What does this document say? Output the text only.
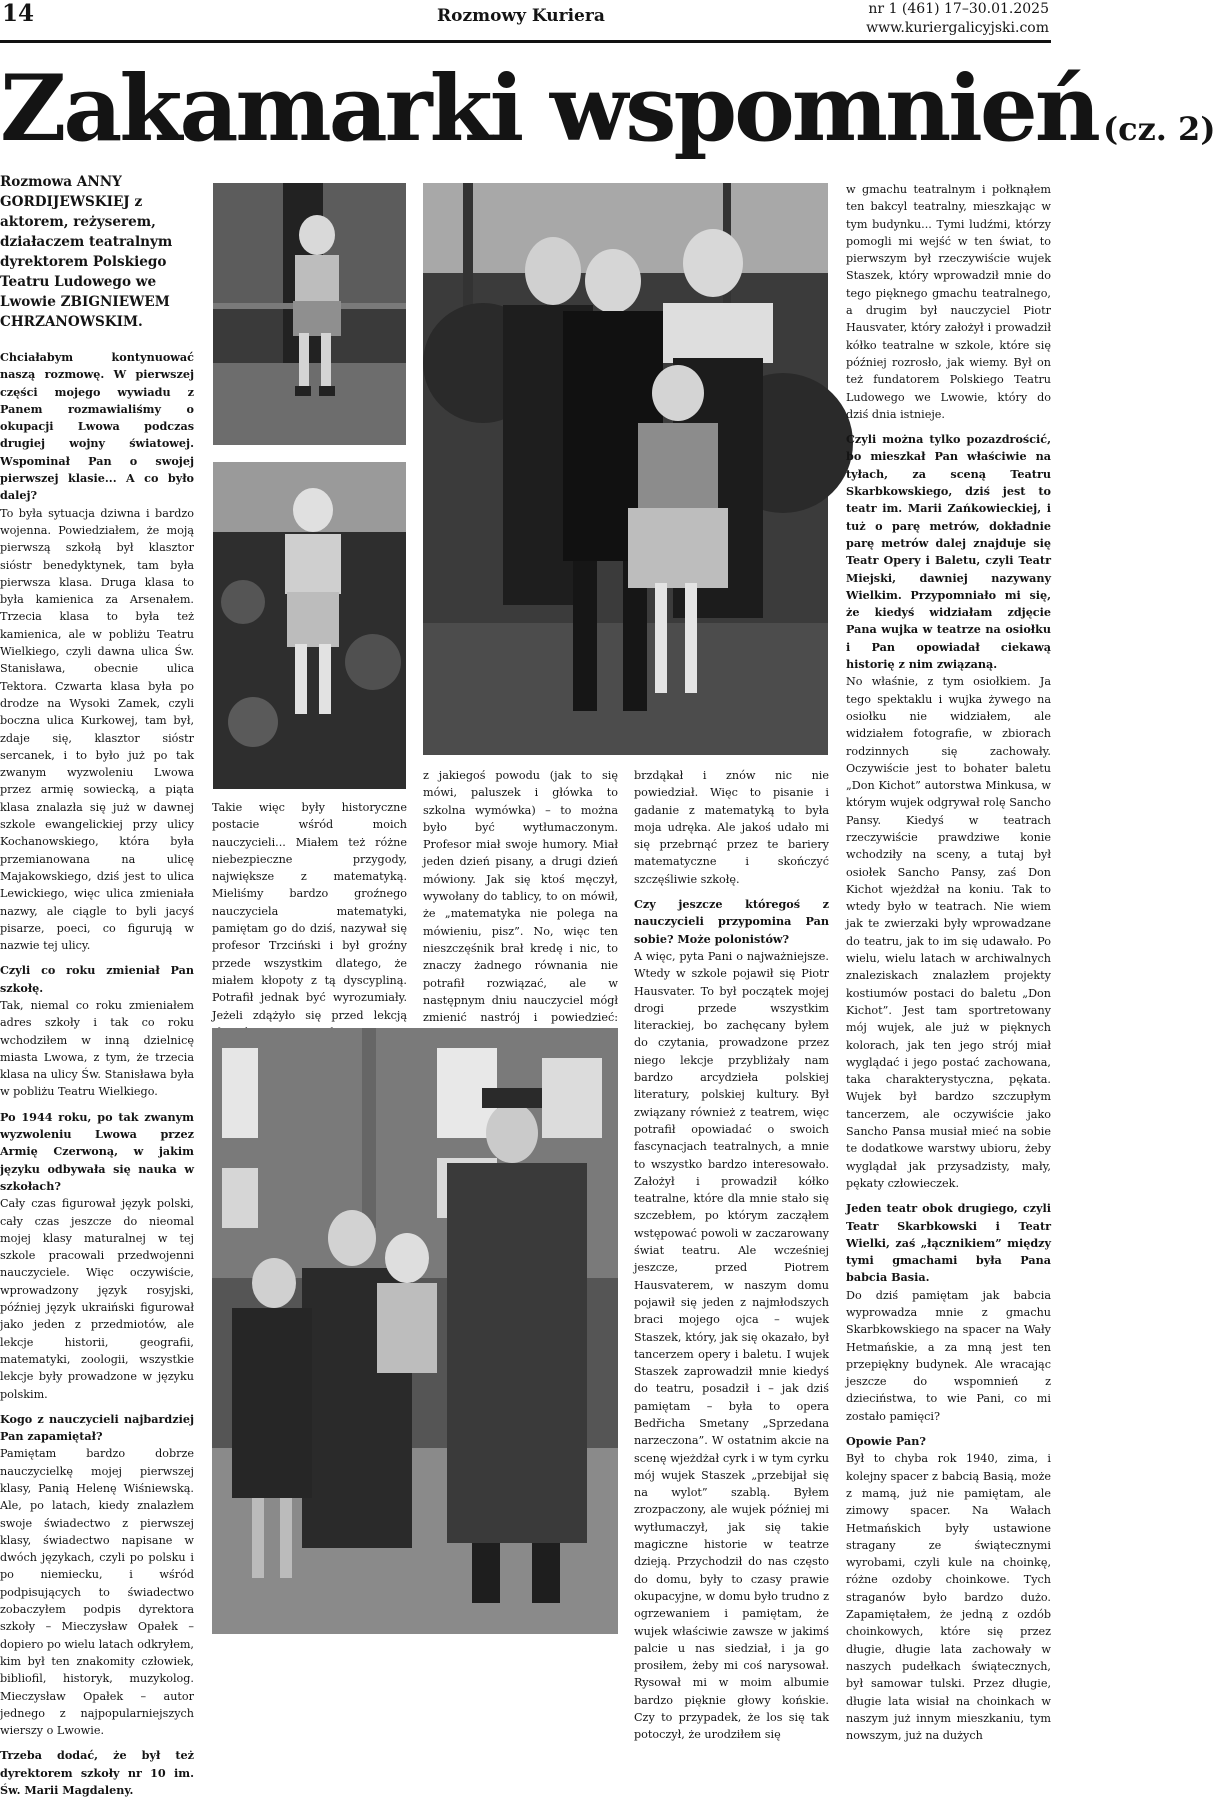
14	Rozmowy Kuriera	nr 1 (461) 17–30.01.2025
www.kuriergalicyjski.com
Zakamarki wspomnień (cz. 2)

Rozmowa ANNY GORDIJEWSKIEJ z aktorem, reżyserem, działaczem teatralnym dyrektorem Polskiego Teatru Ludowego we Lwowie ZBIGNIEWEM CHRZANOWSKIM.

Chciałabym kontynuować naszą rozmowę. W pierwszej części mojego wywiadu z Panem rozmawialiśmy o okupacji Lwowa podczas drugiej wojny światowej. Wspominał Pan o swojej pierwszej klasie... A co było dalej?

To była sytuacja dziwna i bardzo wojenna. Powiedziałem, że moją pierwszą szkołą był klasztor sióstr benedyktynek, tam była pierwsza klasa. Druga klasa to była kamienica za Arsenałem. Trzecia klasa to była też kamienica, ale w pobliżu Teatru Wielkiego, czyli dawna ulica Św. Stanisława, obecnie ulica Tektora. Czwarta klasa była po drodze na Wysoki Zamek, czyli boczna ulica Kurkowej, tam był, zdaje się, klasztor sióstr sercanek, i to było już po tak zwanym wyzwoleniu Lwowa przez armię sowiecką, a piąta klasa znalazła się już w dawnej szkole ewangelickiej przy ulicy Kochanowskiego, która była przemianowana na ulicę Majakowskiego, dziś jest to ulica Lewickiego, więc ulica zmieniała nazwy, ale ciągle to byli jacyś pisarze, poeci, co figurują w nazwie tej ulicy.

Czyli co roku zmieniał Pan szkołę.

Tak, niemal co roku zmieniałem adres szkoły i tak co roku wchodziłem w inną dzielnicę miasta Lwowa, z tym, że trzecia klasa na ulicy Św. Stanisława była w pobliżu Teatru Wielkiego.

Po 1944 roku, po tak zwanym wyzwoleniu Lwowa przez Armię Czerwoną, w jakim języku odbywała się nauka w szkołach?

Cały czas figurował język polski, cały czas jeszcze do nieomal mojej klasy maturalnej w tej szkole pracowali przedwojenni nauczyciele. Więc oczywiście, wprowadzony język rosyjski, później język ukraiński figurował jako jeden z przedmiotów, ale lekcje historii, geografii, matematyki, zoologii, wszystkie lekcje były prowadzone w języku polskim.

Kogo z nauczycieli najbardziej Pan zapamiętał?

Pamiętam bardzo dobrze nauczycielkę mojej pierwszej klasy, Panią Helenę Wiśniewską. Ale, po latach, kiedy znalazłem swoje świadectwo z pierwszej klasy, świadectwo napisane w dwóch językach, czyli po polsku i po niemiecku, i wśród podpisujących to świadectwo zobaczyłem podpis dyrektora szkoły – Mieczysław Opałek – dopiero po wielu latach odkryłem, kim był ten znakomity człowiek, bibliofil, historyk, muzykolog. Mieczysław Opałek – autor jednego z najpopularniejszych wierszy o Lwowie.

Trzeba dodać, że był też dyrektorem szkoły nr 10 im. Św. Marii Magdaleny.

Takie więc były historyczne postacie wśród moich nauczycieli... Miałem też różne niebezpieczne przygody, największe z matematyką. Mieliśmy bardzo groźnego nauczyciela matematyki, pamiętam go do dziś, nazywał się profesor Trzciński i był groźny przede wszystkim dlatego, że miałem kłopoty z tą dyscypliną. Potrafił jednak być wyrozumiały. Jeżeli zdążyło się przed lekcją

z jakiegoś powodu (jak to się mówi, paluszek i główka to szkolna wymówka) – to można było być wytłumaczonym. Profesor miał swoje humory. Miał jeden dzień pisany, a drugi dzień mówiony. Jak się ktoś męczył, wywołany do tablicy, to on mówił, że „matematyka nie polega na mówieniu, pisz”. No, więc ten nieszczęśnik brał kredę i nic, to znaczy żadnego równania nie potrafił rozwiązać, ale w następnym dniu nauczyciel mógł zmienić nastrój i powiedzieć:

brzdąkał i znów nic nie powiedział. Więc to pisanie i gadanie z matematyką to była moja udręka. Ale jakoś udało mi się przebrnąć przez te bariery matematyczne i skończyć szczęśliwie szkołę.

Czy jeszcze któregoś z nauczycieli przypomina Pan sobie? Może polonistów?

A więc, pyta Pani o najważniejsze. Wtedy w szkole pojawił się Piotr Hausvater. To był początek mojej drogi przede wszystkim literackiej, bo zachęcany byłem do czytania, prowadzone przez niego lekcje przybliżały nam bardzo arcydzieła polskiej literatury, polskiej kultury. Był związany również z teatrem, więc potrafił opowiadać o swoich fascynacjach teatralnych, a mnie to wszystko bardzo interesowało. Założył i prowadził kółko teatralne, które dla mnie stało się szczebłem, po którym zacząłem wstępować powoli w zaczarowany świat teatru. Ale wcześniej jeszcze, przed Piotrem Hausvaterem, w naszym domu pojawił się jeden z najmłodszych braci mojego ojca – wujek Staszek, który, jak się okazało, był tancerzem opery i baletu. I wujek Staszek zaprowadził mnie kiedyś do teatru, posadził i – jak dziś pamiętam – była to opera Bedřicha Smetany „Sprzedana narzeczona”. W ostatnim akcie na scenę wjeżdżał cyrk i w tym cyrku mój wujek Staszek „przebijał się na wylot” szablą. Byłem zrozpaczony, ale wujek później mi wytłumaczył, jak się takie magiczne historie w teatrze dzieją. Przychodził do nas często do domu, były to czasy prawie okupacyjne, w domu było trudno z ogrzewaniem i pamiętam, że wujek właściwie zawsze w jakimś palcie u nas siedział, i ja go prosiłem, żeby mi coś narysował. Rysował mi w moim albumie bardzo pięknie głowy końskie. Czy to przypadek, że los się tak potoczył, że urodziłem się

w gmachu teatralnym i połknąłem ten bakcyl teatralny, mieszkając w tym budynku... Tymi ludźmi, którzy pomogli mi wejść w ten świat, to pierwszym był rzeczywiście wujek Staszek, który wprowadził mnie do tego pięknego gmachu teatralnego, a drugim był nauczyciel Piotr Hausvater, który założył i prowadził kółko teatralne w szkole, które się później rozrosło, jak wiemy. Był on też fundatorem Polskiego Teatru Ludowego we Lwowie, który do dziś dnia istnieje.

Czyli można tylko pozazdrościć, bo mieszkał Pan właściwie na tyłach, za sceną Teatru Skarbkowskiego, dziś jest to teatr im. Marii Zańkowieckiej, i tuż o parę metrów, dokładnie parę metrów dalej znajduje się Teatr Opery i Baletu, czyli Teatr Miejski, dawniej nazywany Wielkim. Przypomniało mi się, że kiedyś widziałam zdjęcie Pana wujka w teatrze na osiołku i Pan opowiadał ciekawą historię z nim związaną.

No właśnie, z tym osiołkiem. Ja tego spektaklu i wujka żywego na osiołku nie widziałem, ale widziałem fotografie, w zbiorach rodzinnych się zachowały. Oczywiście jest to bohater baletu „Don Kichot” autorstwa Minkusa, w którym wujek odgrywał rolę Sancho Pansy. Kiedyś w teatrach rzeczywiście prawdziwe konie wchodziły na sceny, a tutaj był osiołek Sancho Pansy, zaś Don Kichot wjeżdżał na koniu. Tak to wtedy było w teatrach. Nie wiem jak te zwierzaki były wprowadzane do teatru, jak to im się udawało. Po wielu, wielu latach w archiwalnych znaleziskach znalazłem projekty kostiumów postaci do baletu „Don Kichot”. Jest tam sportretowany mój wujek, ale już w pięknych kolorach, jak ten jego strój miał wyglądać i jego postać zachowana, taka charakterystyczna, pękata. Wujek był bardzo szczupłym tancerzem, ale oczywiście jako Sancho Pansa musiał mieć na sobie te dodatkowe warstwy ubioru, żeby wyglądał jak przysadzisty, mały, pękaty człowieczek.

Jeden teatr obok drugiego, czyli Teatr Skarbkowski i Teatr Wielki, zaś „łącznikiem” między tymi gmachami była Pana babcia Basia.

Do dziś pamiętam jak babcia wyprowadza mnie z gmachu Skarbkowskiego na spacer na Wały Hetmańskie, a za mną jest ten przepiękny budynek. Ale wracając jeszcze do wspomnień z dzieciństwa, to wie Pani, co mi zostało pamięci?

Opowie Pan?

Był to chyba rok 1940, zima, i kolejny spacer z babcią Basią, może z mamą, już nie pamiętam, ale zimowy spacer. Na Wałach Hetmańskich były ustawione stragany ze świątecznymi wyrobami, czyli kule na choinkę, różne ozdoby choinkowe. Tych straganów było bardzo dużo. Zapamiętałem, że jedną z ozdób choinkowych, które się przez długie, długie lata zachowały w naszych pudełkach świątecznych, był samowar tulski. Przez długie, długie lata wisiał na choinkach w naszym już innym mieszkaniu, tym nowszym, już na dużych
